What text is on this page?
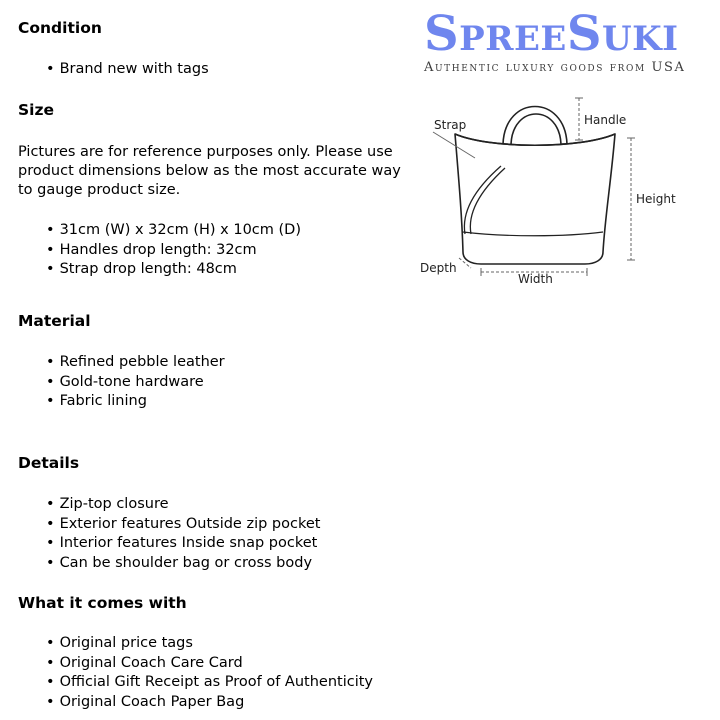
Condition
• Brand new with tags
Size

Pictures are for reference purposes only. Please use product dimensions below as the most accurate way to gauge product size.

• 31cm (W) x 32cm (H) x 10cm (D)
• Handles drop length: 32cm
• Strap drop length: 48cm
Material
• Refined pebble leather
• Gold-tone hardware
• Fabric lining
Details
• Zip-top closure
• Exterior features Outside zip pocket
• Interior features Inside snap pocket
• Can be shoulder bag or cross body
What it comes with
• Original price tags
• Original Coach Care Card
• Official Gift Receipt as Proof of Authenticity
• Original Coach Paper Bag
SpreeSuki
Authentic luxury goods from USA
Strap	Handle
Height
Depth
Width
